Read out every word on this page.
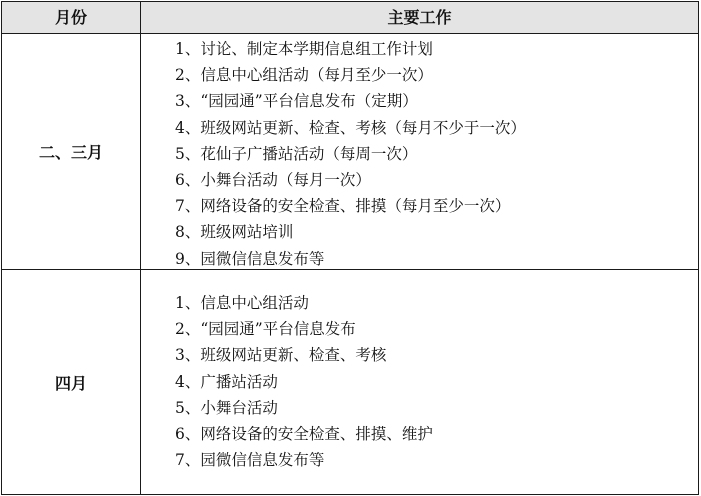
月份	主要工作
二、三月
1、讨论、制定本学期信息组工作计划
2、信息中心组活动（每月至少一次）
3、“园园通”平台信息发布（定期）
4、班级网站更新、检查、考核（每月不少于一次）
5、花仙子广播站活动（每周一次）
6、小舞台活动（每月一次）
7、网络设备的安全检查、排摸（每月至少一次）
8、班级网站培训
9、园微信信息发布等
四月
1、信息中心组活动
2、“园园通”平台信息发布
3、班级网站更新、检查、考核
4、广播站活动
5、小舞台活动
6、网络设备的安全检查、排摸、维护
7、园微信信息发布等
